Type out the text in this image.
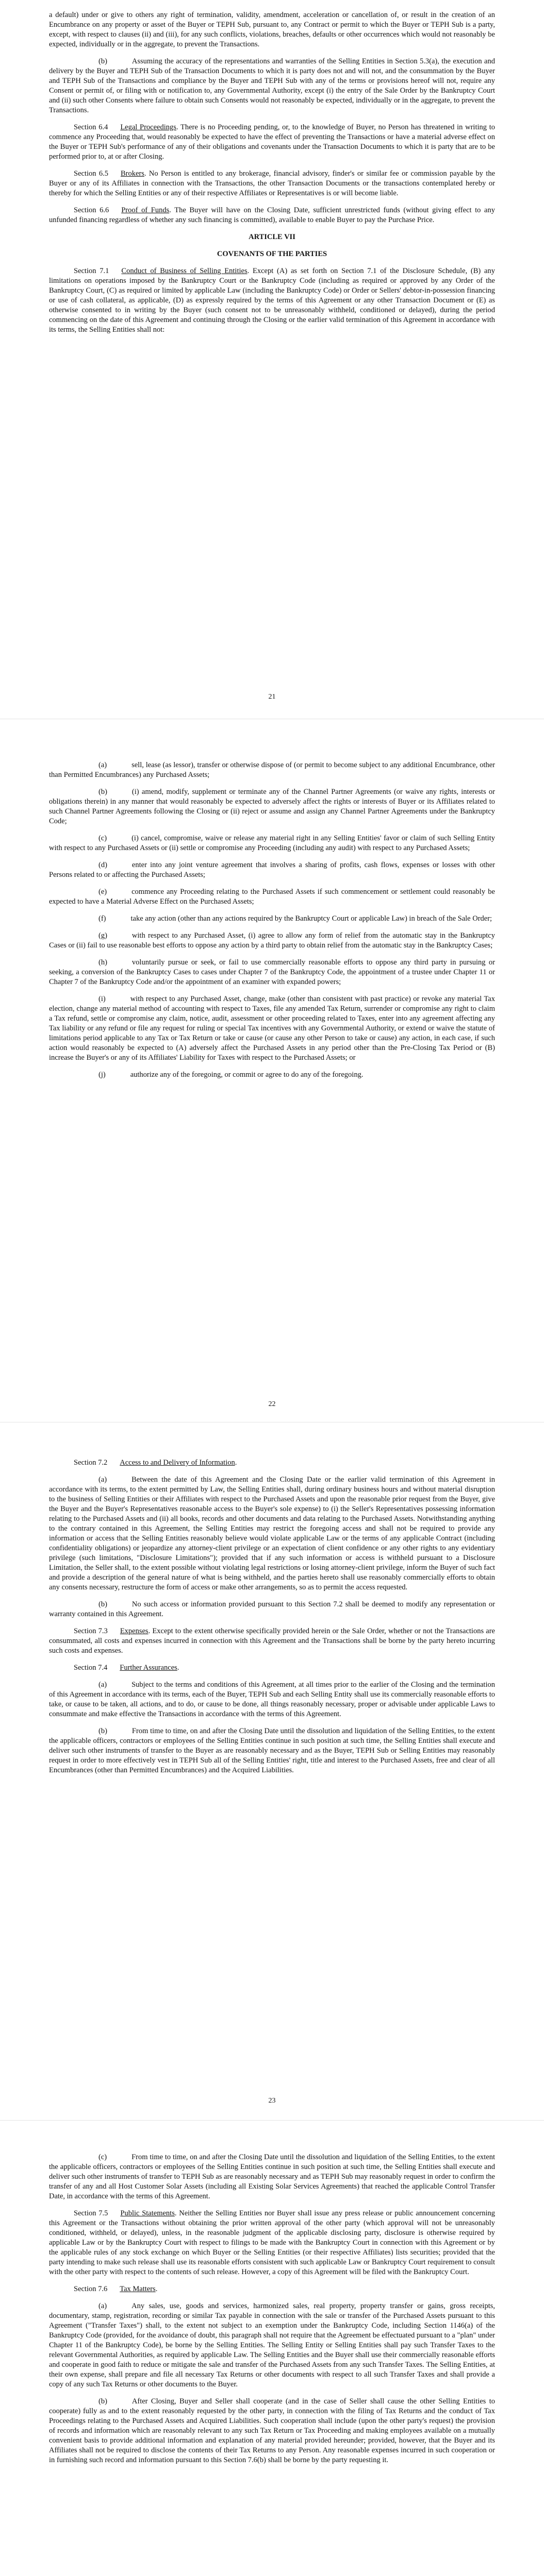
a default) under or give to others any right of termination, validity, amendment, acceleration or cancellation of, or result in the creation of an Encumbrance on any property or asset of the Buyer or TEPH Sub, pursuant to, any Contract or permit to which the Buyer or TEPH Sub is a party, except, with respect to clauses (ii) and (iii), for any such conflicts, violations, breaches, defaults or other occurrences which would not reasonably be expected, individually or in the aggregate, to prevent the Transactions.

(b)	Assuming the accuracy of the representations and warranties of the Selling Entities in Section 5.3(a), the execution and delivery by the Buyer and TEPH Sub of the Transaction Documents to which it is party does not and will not, and the consummation by the Buyer and TEPH Sub of the Transactions and compliance by the Buyer and TEPH Sub with any of the terms or provisions hereof will not, require any Consent or permit of, or filing with or notification to, any Governmental Authority, except (i) the entry of the Sale Order by the Bankruptcy Court and (ii) such other Consents where failure to obtain such Consents would not reasonably be expected, individually or in the aggregate, to prevent the Transactions.

Section 6.4 Legal Proceedings. There is no Proceeding pending, or, to the knowledge of Buyer, no Person has threatened in writing to commence any Proceeding that, would reasonably be expected to have the effect of preventing the Transactions or have a material adverse effect on the Buyer or TEPH Sub's performance of any of their obligations and covenants under the Transaction Documents to which it is party that are to be performed prior to, at or after Closing.

Section 6.5 Brokers. No Person is entitled to any brokerage, financial advisory, finder's or similar fee or commission payable by the Buyer or any of its Affiliates in connection with the Transactions, the other Transaction Documents or the transactions contemplated hereby or thereby for which the Selling Entities or any of their respective Affiliates or Representatives is or will become liable.

Section 6.6 Proof of Funds. The Buyer will have on the Closing Date, sufficient unrestricted funds (without giving effect to any unfunded financing regardless of whether any such financing is committed), available to enable Buyer to pay the Purchase Price.

ARTICLE VII

COVENANTS OF THE PARTIES

Section 7.1 Conduct of Business of Selling Entities. Except (A) as set forth on Section 7.1 of the Disclosure Schedule, (B) any limitations on operations imposed by the Bankruptcy Court or the Bankruptcy Code (including as required or approved by any Order of the Bankruptcy Court, (C) as required or limited by applicable Law (including the Bankruptcy Code) or Order or Sellers' debtor-in-possession financing or use of cash collateral, as applicable, (D) as expressly required by the terms of this Agreement or any other Transaction Document or (E) as otherwise consented to in writing by the Buyer (such consent not to be unreasonably withheld, conditioned or delayed), during the period commencing on the date of this Agreement and continuing through the Closing or the earlier valid termination of this Agreement in accordance with its terms, the Selling Entities shall not:

21

(a)	sell, lease (as lessor), transfer or otherwise dispose of (or permit to become subject to any additional Encumbrance, other than Permitted Encumbrances) any Purchased Assets;

(b)	(i) amend, modify, supplement or terminate any of the Channel Partner Agreements (or waive any rights, interests or obligations therein) in any manner that would reasonably be expected to adversely affect the rights or interests of Buyer or its Affiliates related to such Channel Partner Agreements following the Closing or (ii) reject or assume and assign any Channel Partner Agreements under the Bankruptcy Code;

(c)	(i) cancel, compromise, waive or release any material right in any Selling Entities' favor or claim of such Selling Entity with respect to any Purchased Assets or (ii) settle or compromise any Proceeding (including any audit) with respect to any Purchased Assets;

(d)	enter into any joint venture agreement that involves a sharing of profits, cash flows, expenses or losses with other Persons related to or affecting the Purchased Assets;

(e)	commence any Proceeding relating to the Purchased Assets if such commencement or settlement could reasonably be expected to have a Material Adverse Effect on the Purchased Assets;

(f)	take any action (other than any actions required by the Bankruptcy Court or applicable Law) in breach of the Sale Order;

(g)	with respect to any Purchased Asset, (i) agree to allow any form of relief from the automatic stay in the Bankruptcy Cases or (ii) fail to use reasonable best efforts to oppose any action by a third party to obtain relief from the automatic stay in the Bankruptcy Cases;

(h)	voluntarily pursue or seek, or fail to use commercially reasonable efforts to oppose any third party in pursuing or seeking, a conversion of the Bankruptcy Cases to cases under Chapter 7 of the Bankruptcy Code, the appointment of a trustee under Chapter 11 or Chapter 7 of the Bankruptcy Code and/or the appointment of an examiner with expanded powers;

(i)	with respect to any Purchased Asset, change, make (other than consistent with past practice) or revoke any material Tax election, change any material method of accounting with respect to Taxes, file any amended Tax Return, surrender or compromise any right to claim a Tax refund, settle or compromise any claim, notice, audit, assessment or other proceeding related to Taxes, enter into any agreement affecting any Tax liability or any refund or file any request for ruling or special Tax incentives with any Governmental Authority, or extend or waive the statute of limitations period applicable to any Tax or Tax Return or take or cause (or cause any other Person to take or cause) any action, in each case, if such action would reasonably be expected to (A) adversely affect the Purchased Assets in any period other than the Pre-Closing Tax Period or (B) increase the Buyer's or any of its Affiliates' Liability for Taxes with respect to the Purchased Assets; or

(j)	authorize any of the foregoing, or commit or agree to do any of the foregoing.

22

Section 7.2 Access to and Delivery of Information.

(a)	Between the date of this Agreement and the Closing Date or the earlier valid termination of this Agreement in accordance with its terms, to the extent permitted by Law, the Selling Entities shall, during ordinary business hours and without material disruption to the business of Selling Entities or their Affiliates with respect to the Purchased Assets and upon the reasonable prior request from the Buyer, give the Buyer and the Buyer's Representatives reasonable access to the Buyer's sole expense) to (i) the Seller's Representatives possessing information relating to the Purchased Assets and (ii) all books, records and other documents and data relating to the Purchased Assets. Notwithstanding anything to the contrary contained in this Agreement, the Selling Entities may restrict the foregoing access and shall not be required to provide any information or access that the Selling Entities reasonably believe would violate applicable Law or the terms of any applicable Contract (including confidentiality obligations) or jeopardize any attorney-client privilege or an expectation of client confidence or any other rights to any evidentiary privilege (such limitations, "Disclosure Limitations"); provided that if any such information or access is withheld pursuant to a Disclosure Limitation, the Seller shall, to the extent possible without violating legal restrictions or losing attorney-client privilege, inform the Buyer of such fact and provide a description of the general nature of what is being withheld, and the parties hereto shall use reasonably commercially efforts to obtain any consents necessary, restructure the form of access or make other arrangements, so as to permit the access requested.

(b)	No such access or information provided pursuant to this Section 7.2 shall be deemed to modify any representation or warranty contained in this Agreement.

Section 7.3 Expenses. Except to the extent otherwise specifically provided herein or the Sale Order, whether or not the Transactions are consummated, all costs and expenses incurred in connection with this Agreement and the Transactions shall be borne by the party hereto incurring such costs and expenses.

Section 7.4 Further Assurances.

(a)	Subject to the terms and conditions of this Agreement, at all times prior to the earlier of the Closing and the termination of this Agreement in accordance with its terms, each of the Buyer, TEPH Sub and each Selling Entity shall use its commercially reasonable efforts to take, or cause to be taken, all actions, and to do, or cause to be done, all things reasonably necessary, proper or advisable under applicable Laws to consummate and make effective the Transactions in accordance with the terms of this Agreement.

(b)	From time to time, on and after the Closing Date until the dissolution and liquidation of the Selling Entities, to the extent the applicable officers, contractors or employees of the Selling Entities continue in such position at such time, the Selling Entities shall execute and deliver such other instruments of transfer to the Buyer as are reasonably necessary and as the Buyer, TEPH Sub or Selling Entities may reasonably request in order to more effectively vest in TEPH Sub all of the Selling Entities' right, title and interest to the Purchased Assets, free and clear of all Encumbrances (other than Permitted Encumbrances) and the Acquired Liabilities.

23

(c)	From time to time, on and after the Closing Date until the dissolution and liquidation of the Selling Entities, to the extent the applicable officers, contractors or employees of the Selling Entities continue in such position at such time, the Selling Entities shall execute and deliver such other instruments of transfer to TEPH Sub as are reasonably necessary and as TEPH Sub may reasonably request in order to confirm the transfer of any and all Host Customer Solar Assets (including all Existing Solar Services Agreements) that reached the applicable Control Transfer Date, in accordance with the terms of this Agreement.

Section 7.5 Public Statements. Neither the Selling Entities nor Buyer shall issue any press release or public announcement concerning this Agreement or the Transactions without obtaining the prior written approval of the other party (which approval will not be unreasonably conditioned, withheld, or delayed), unless, in the reasonable judgment of the applicable disclosing party, disclosure is otherwise required by applicable Law or by the Bankruptcy Court with respect to filings to be made with the Bankruptcy Court in connection with this Agreement or by the applicable rules of any stock exchange on which Buyer or the Selling Entities (or their respective Affiliates) lists securities; provided that the party intending to make such release shall use its reasonable efforts consistent with such applicable Law or Bankruptcy Court requirement to consult with the other party with respect to the contents of such release. However, a copy of this Agreement will be filed with the Bankruptcy Court.

Section 7.6 Tax Matters.

(a)	Any sales, use, goods and services, harmonized sales, real property, property transfer or gains, gross receipts, documentary, stamp, registration, recording or similar Tax payable in connection with the sale or transfer of the Purchased Assets pursuant to this Agreement ("Transfer Taxes") shall, to the extent not subject to an exemption under the Bankruptcy Code, including Section 1146(a) of the Bankruptcy Code (provided, for the avoidance of doubt, this paragraph shall not require that the Agreement be effectuated pursuant to a "plan" under Chapter 11 of the Bankruptcy Code), be borne by the Selling Entities. The Selling Entity or Selling Entities shall pay such Transfer Taxes to the relevant Governmental Authorities, as required by applicable Law. The Selling Entities and the Buyer shall use their commercially reasonable efforts and cooperate in good faith to reduce or mitigate the sale and transfer of the Purchased Assets from any such Transfer Taxes. The Selling Entities, at their own expense, shall prepare and file all necessary Tax Returns or other documents with respect to all such Transfer Taxes and shall provide a copy of any such Tax Returns or other documents to the Buyer.

(b)	After Closing, Buyer and Seller shall cooperate (and in the case of Seller shall cause the other Selling Entities to cooperate) fully as and to the extent reasonably requested by the other party, in connection with the filing of Tax Returns and the conduct of Tax Proceedings relating to the Purchased Assets and Acquired Liabilities. Such cooperation shall include (upon the other party's request) the provision of records and information which are reasonably relevant to any such Tax Return or Tax Proceeding and making employees available on a mutually convenient basis to provide additional information and explanation of any material provided hereunder; provided, however, that the Buyer and its Affiliates shall not be required to disclose the contents of their Tax Returns to any Person. Any reasonable expenses incurred in such cooperation or in furnishing such record and information pursuant to this Section 7.6(b) shall be borne by the party requesting it.
